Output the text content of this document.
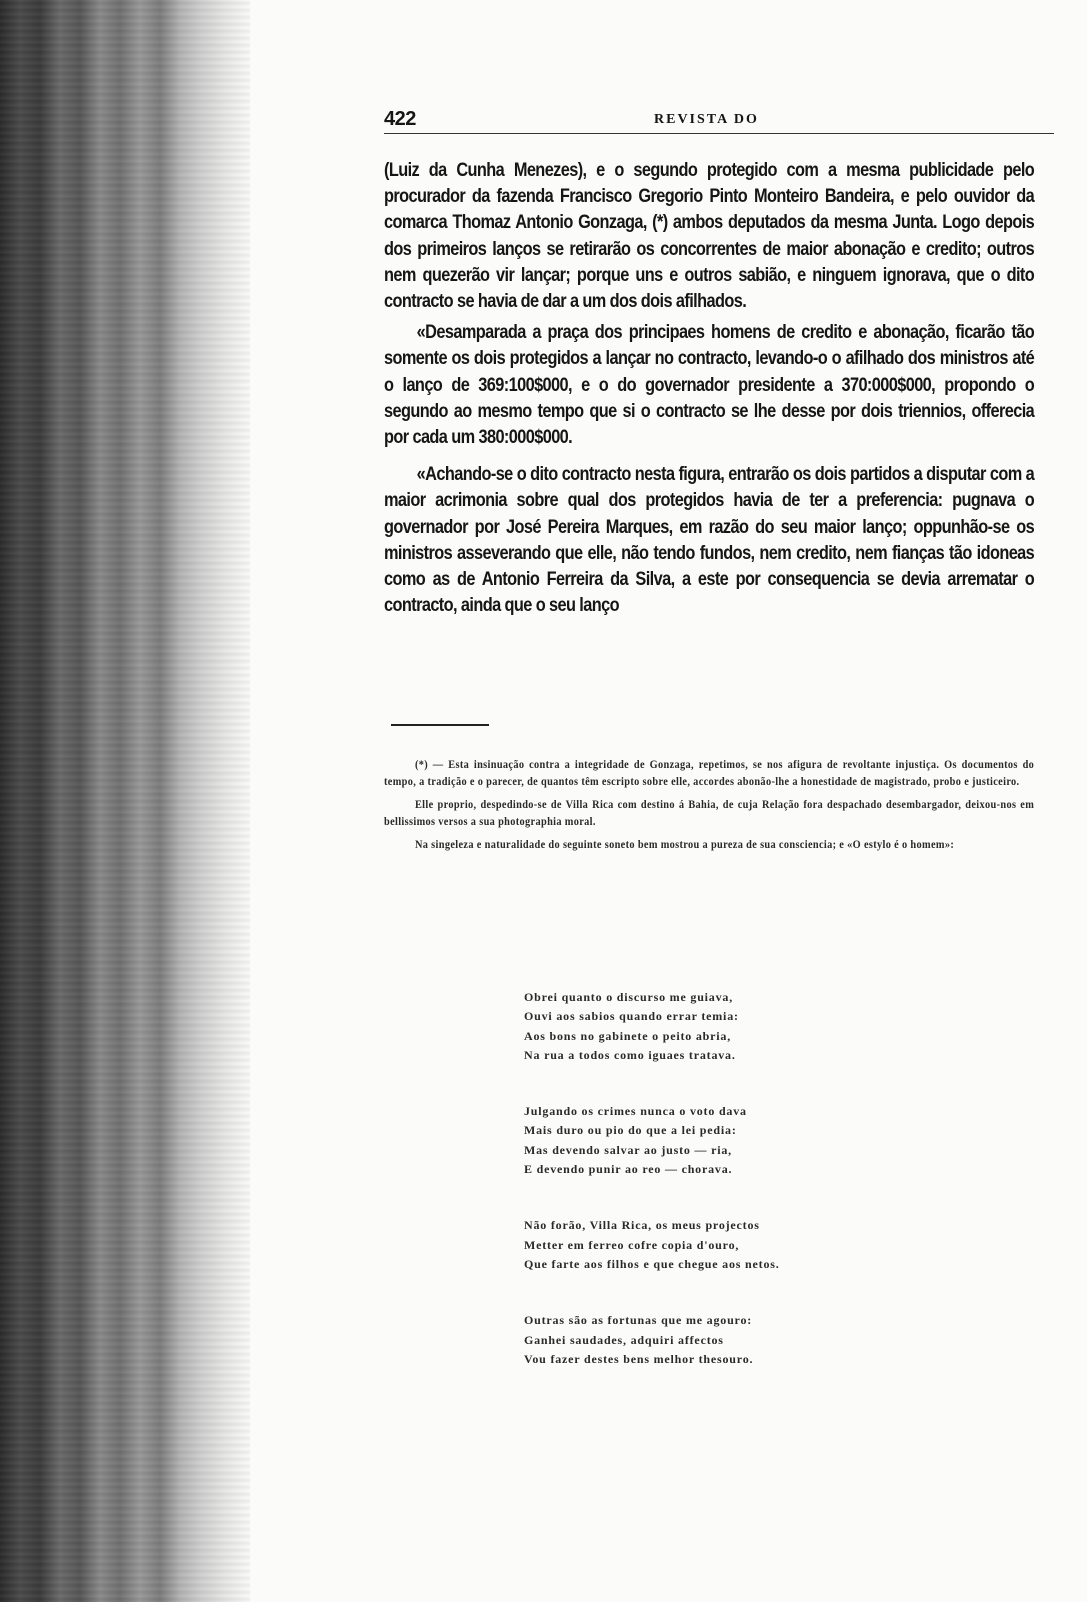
422	REVISTA DO

(Luiz da Cunha Menezes), e o segundo protegido com a mesma publicidade pelo procurador da fazenda Francisco Gregorio Pinto Monteiro Bandeira, e pelo ouvidor da comarca Thomaz Antonio Gonzaga, (*) ambos deputados da mesma Junta. Logo depois dos primeiros lanços se retirarão os concorrentes de maior abonação e credito; outros nem quezerão vir lançar; porque uns e outros sabião, e ninguem ignorava, que o dito contracto se havia de dar a um dos dois afilhados.

«Desamparada a praça dos principaes homens de credito e abonação, ficarão tão somente os dois protegidos a lançar no contracto, levando-o o afilhado dos ministros até o lanço de 369:100$000, e o do governador presidente a 370:000$000, propondo o segundo ao mesmo tempo que si o contracto se lhe desse por dois triennios, offerecia por cada um 380:000$000.

«Achando-se o dito contracto nesta figura, entrarão os dois partidos a disputar com a maior acrimonia sobre qual dos protegidos havia de ter a preferencia: pugnava o governador por José Pereira Marques, em razão do seu maior lanço; oppunhão-se os ministros asseverando que elle, não tendo fundos, nem credito, nem fianças tão idoneas como as de Antonio Ferreira da Silva, a este por consequencia se devia arrematar o contracto, ainda que o seu lanço

(*) — Esta insinuação contra a integridade de Gonzaga, repetimos, se nos afigura de revoltante injustiça. Os documentos do tempo, a tradição e o parecer, de quantos têm escripto sobre elle, accordes abonão-lhe a honestidade de magistrado, probo e justiceiro.

Elle proprio, despedindo-se de Villa Rica com destino á Bahia, de cuja Relação fora despachado desembargador, deixou-nos em bellissimos versos a sua photographia moral.

Na singeleza e naturalidade do seguinte soneto bem mostrou a pureza de sua consciencia; e «O estylo é o homem»:

Obrei quanto o discurso me guiava,
Ouvi aos sabios quando errar temia:
Aos bons no gabinete o peito abria,
Na rua a todos como iguaes tratava.
Julgando os crimes nunca o voto dava
Mais duro ou pio do que a lei pedia:
Mas devendo salvar ao justo — ria,
E devendo punir ao reo — chorava.
Não forão, Villa Rica, os meus projectos
Metter em ferreo cofre copia d'ouro,
Que farte aos filhos e que chegue aos netos.
Outras são as fortunas que me agouro:
Ganhei saudades, adquiri affectos
Vou fazer destes bens melhor thesouro.
